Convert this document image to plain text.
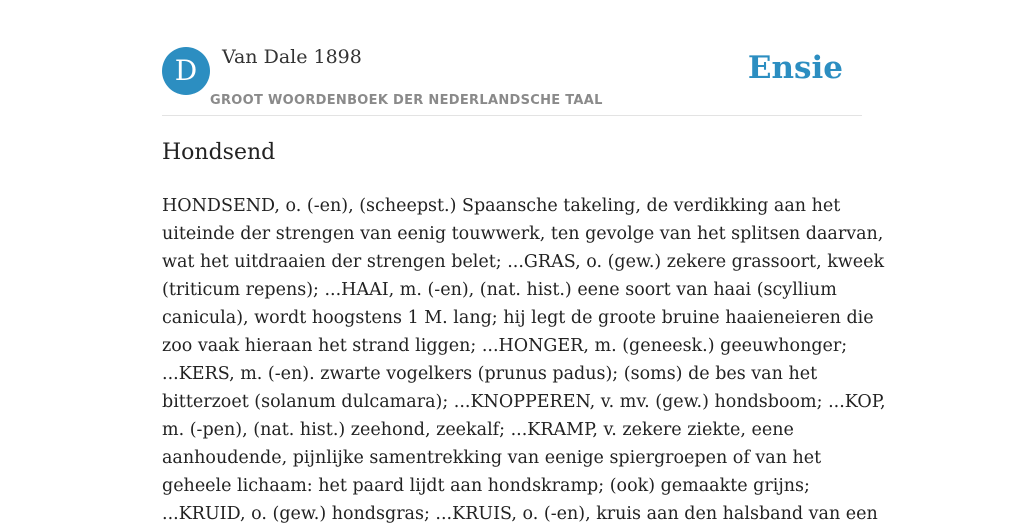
D	Van Dale 1898
GROOT WOORDENBOEK DER NEDERLANDSCHE TAAL
Ensie
Hondsend
HONDSEND, o. (-en), (scheepst.) Spaansche takeling, de verdikking aan het
uiteinde der strengen van eenig touwwerk, ten gevolge van het splitsen daarvan,
wat het uitdraaien der strengen belet; ...GRAS, o. (gew.) zekere grassoort, kweek
(triticum repens); ...HAAI, m. (-en), (nat. hist.) eene soort van haai (scyllium
canicula), wordt hoogstens 1 M. lang; hij legt de groote bruine haaieneieren die
zoo vaak hieraan het strand liggen; ...HONGER, m. (geneesk.) geeuwhonger;
...KERS, m. (-en). zwarte vogelkers (prunus padus); (soms) de bes van het
bitterzoet (solanum dulcamara); ...KNOPPEREN, v. mv. (gew.) hondsboom; ...KOP,
m. (-pen), (nat. hist.) zeehond, zeekalf; ...KRAMP, v. zekere ziekte, eene
aanhoudende, pijnlijke samentrekking van eenige spiergroepen of van het
geheele lichaam: het paard lijdt aan hondskramp; (ook) gemaakte grijns;
...KRUID, o. (gew.) hondsgras; ...KRUIS, o. (-en), kruis aan den halsband van een
